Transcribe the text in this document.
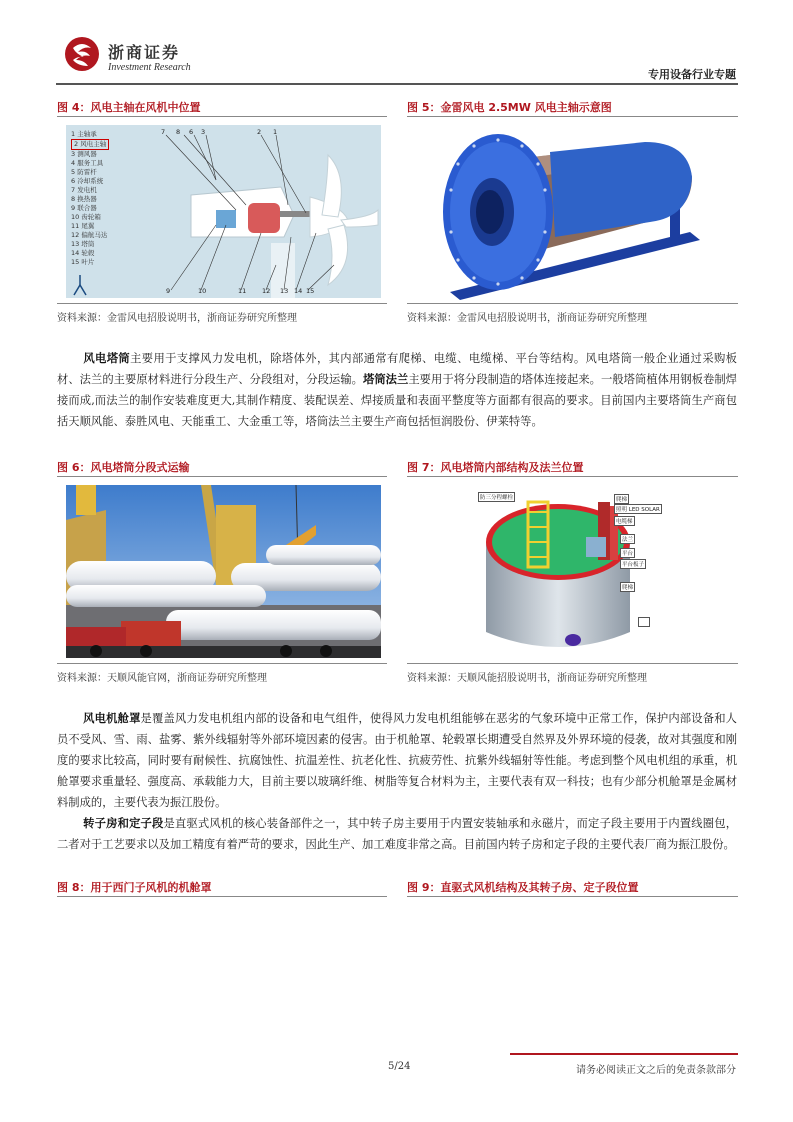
浙商证券
Investment Research
专用设备行业专题
图 4：风电主轴在风机中位置
1 主轴承
2 风电主轴
3 测风器
4 服务工具
5 防雷杆
6 冷却系统
7 发电机
8 换热器
9 联合器
10 齿轮箱
11 尾翼
12 偏航马达
13 塔筒
14 轮毂
15 叶片
7 8 6 3	2 1
9	10	11 12 13 14 15
资料来源：金雷风电招股说明书，浙商证券研究所整理
图 5：金雷风电 2.5MW 风电主轴示意图
资料来源：金雷风电招股说明书，浙商证券研究所整理
风电塔筒主要用于支撑风力发电机，除塔体外，其内部通常有爬梯、电缆、电缆梯、平台等结构。风电塔筒一般企业通过采购板材、法兰的主要原材料进行分段生产、分段组对，分段运输。塔筒法兰主要用于将分段制造的塔体连接起来。一般塔筒植体用钢板卷制焊接而成,而法兰的制作安装难度更大,其制作精度、装配误差、焊接质量和表面平整度等方面都有很高的要求。目前国内主要塔筒生产商包括天顺风能、泰胜风电、天能重工、大金重工等，塔筒法兰主要生产商包括恒润股份、伊莱特等。
图 6：风电塔筒分段式运输
资料来源：天顺风能官网，浙商证券研究所整理
图 7：风电塔筒内部结构及法兰位置
防三分程螺栓	爬梯
照明 LED SOLAR
电缆梯
法兰
平台
平台板子
爬梯
资料来源：天顺风能招股说明书，浙商证券研究所整理
风电机舱罩是覆盖风力发电机组内部的设备和电气组件，使得风力发电机组能够在恶劣的气象环境中正常工作，保护内部设备和人员不受风、雪、雨、盐雾、紫外线辐射等外部环境因素的侵害。由于机舱罩、轮毂罩长期遭受自然界及外界环境的侵袭，故对其强度和刚度的要求比较高，同时要有耐候性、抗腐蚀性、抗温差性、抗老化性、抗疲劳性、抗紫外线辐射等性能。考虑到整个风电机组的承重，机舱罩要求重量轻、强度高、承载能力大，目前主要以玻璃纤维、树脂等复合材料为主，主要代表有双一科技；也有少部分机舱罩是金属材料制成的，主要代表为振江股份。
转子房和定子段是直驱式风机的核心装备部件之一，其中转子房主要用于内置安装轴承和永磁片，而定子段主要用于内置线圈包，二者对于工艺要求以及加工精度有着严苛的要求，因此生产、加工难度非常之高。目前国内转子房和定子段的主要代表厂商为振江股份。
图 8：用于西门子风机的机舱罩	图 9：直驱式风机结构及其转子房、定子段位置
5/24	请务必阅读正文之后的免责条款部分
